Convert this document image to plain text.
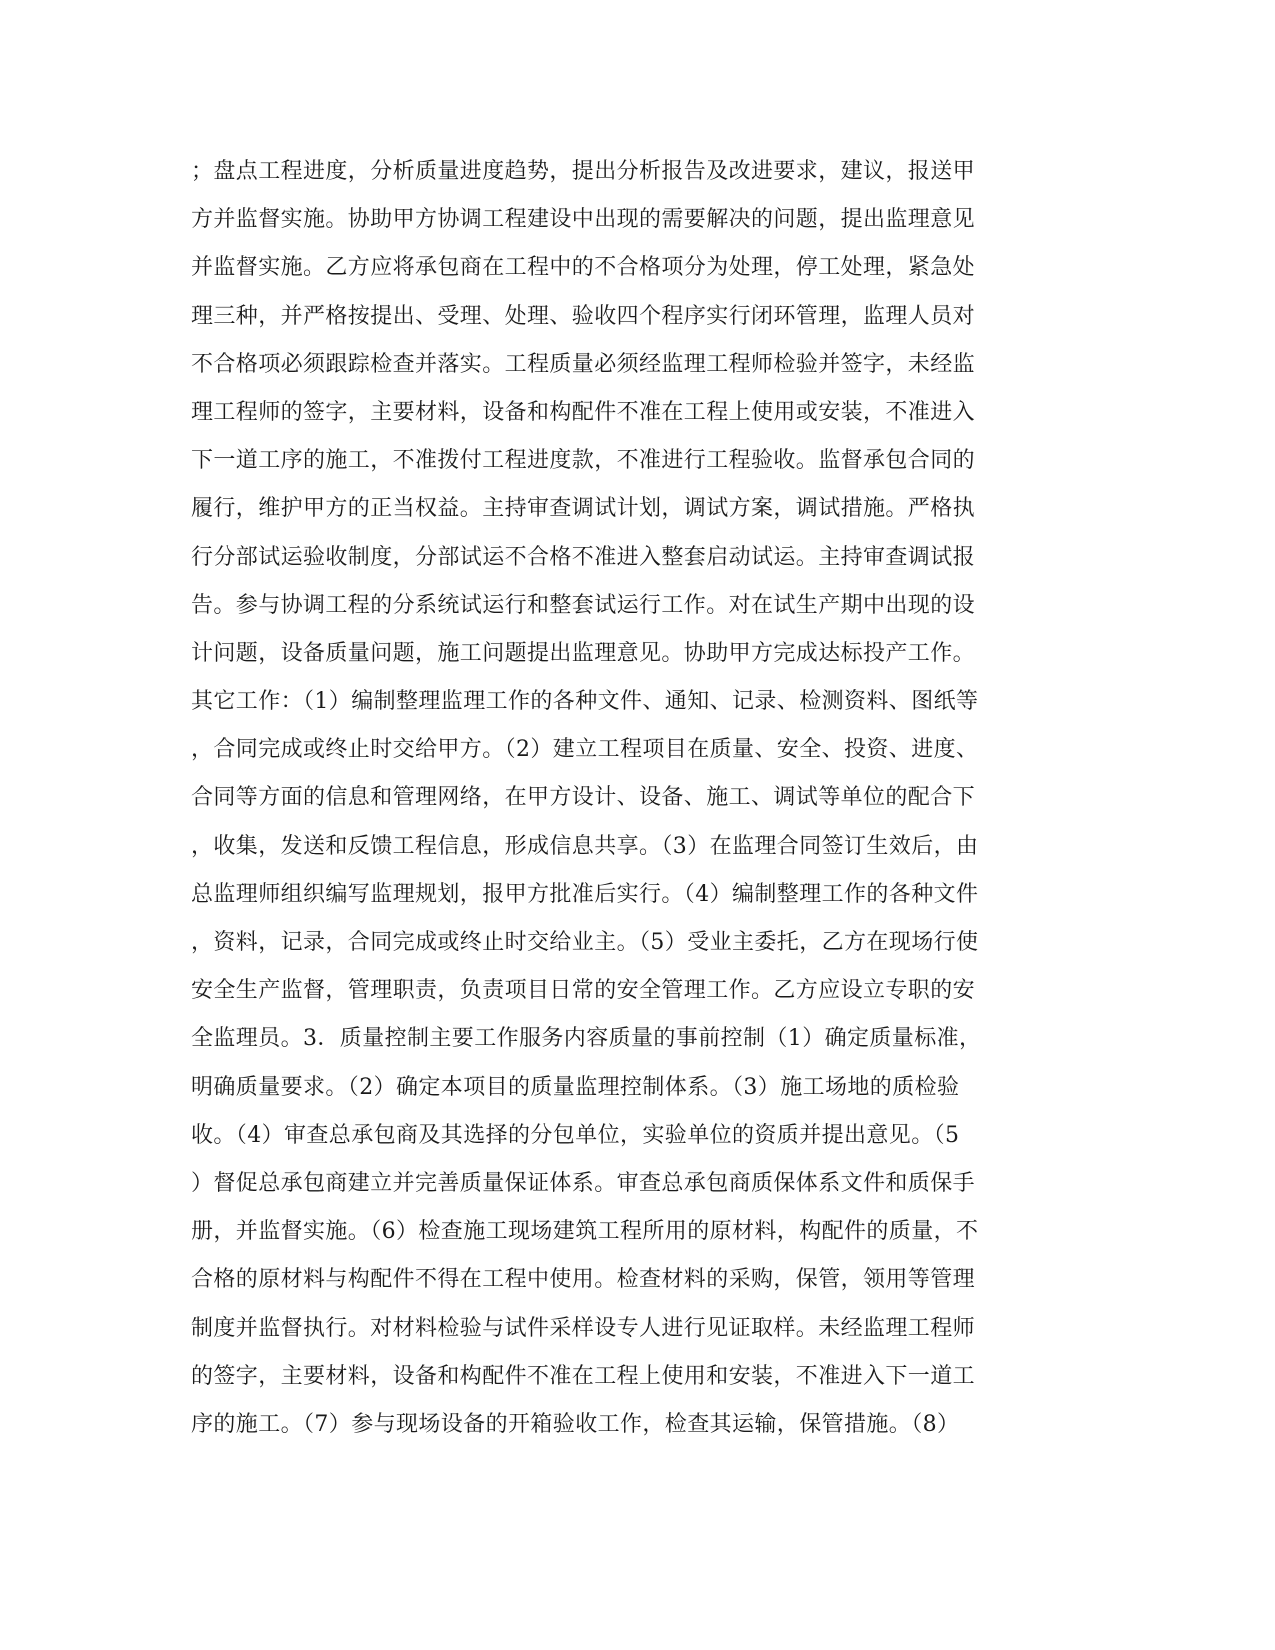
；盘点工程进度，分析质量进度趋势，提出分析报告及改进要求，建议，报送甲
方并监督实施。协助甲方协调工程建设中出现的需要解决的问题，提出监理意见
并监督实施。乙方应将承包商在工程中的不合格项分为处理，停工处理，紧急处
理三种，并严格按提出、受理、处理、验收四个程序实行闭环管理，监理人员对
不合格项必须跟踪检查并落实。工程质量必须经监理工程师检验并签字，未经监
理工程师的签字，主要材料，设备和构配件不准在工程上使用或安装，不准进入
下一道工序的施工，不准拨付工程进度款，不准进行工程验收。监督承包合同的
履行，维护甲方的正当权益。主持审查调试计划，调试方案，调试措施。严格执
行分部试运验收制度，分部试运不合格不准进入整套启动试运。主持审查调试报
告。参与协调工程的分系统试运行和整套试运行工作。对在试生产期中出现的设
计问题，设备质量问题，施工问题提出监理意见。协助甲方完成达标投产工作。
其它工作：（1）编制整理监理工作的各种文件、通知、记录、检测资料、图纸等
，合同完成或终止时交给甲方。（2）建立工程项目在质量、安全、投资、进度、
合同等方面的信息和管理网络，在甲方设计、设备、施工、调试等单位的配合下
，收集，发送和反馈工程信息，形成信息共享。（3）在监理合同签订生效后，由
总监理师组织编写监理规划，报甲方批准后实行。（4）编制整理工作的各种文件
，资料，记录，合同完成或终止时交给业主。（5）受业主委托，乙方在现场行使
安全生产监督，管理职责，负责项目日常的安全管理工作。乙方应设立专职的安
全监理员。3．质量控制主要工作服务内容质量的事前控制（1）确定质量标准，
明确质量要求。（2）确定本项目的质量监理控制体系。（3）施工场地的质检验
收。（4）审查总承包商及其选择的分包单位，实验单位的资质并提出意见。（5
）督促总承包商建立并完善质量保证体系。审查总承包商质保体系文件和质保手
册，并监督实施。（6）检查施工现场建筑工程所用的原材料，构配件的质量，不
合格的原材料与构配件不得在工程中使用。检查材料的采购，保管，领用等管理
制度并监督执行。对材料检验与试件采样设专人进行见证取样。未经监理工程师
的签字，主要材料，设备和构配件不准在工程上使用和安装，不准进入下一道工
序的施工。（7）参与现场设备的开箱验收工作，检查其运输，保管措施。（8）
